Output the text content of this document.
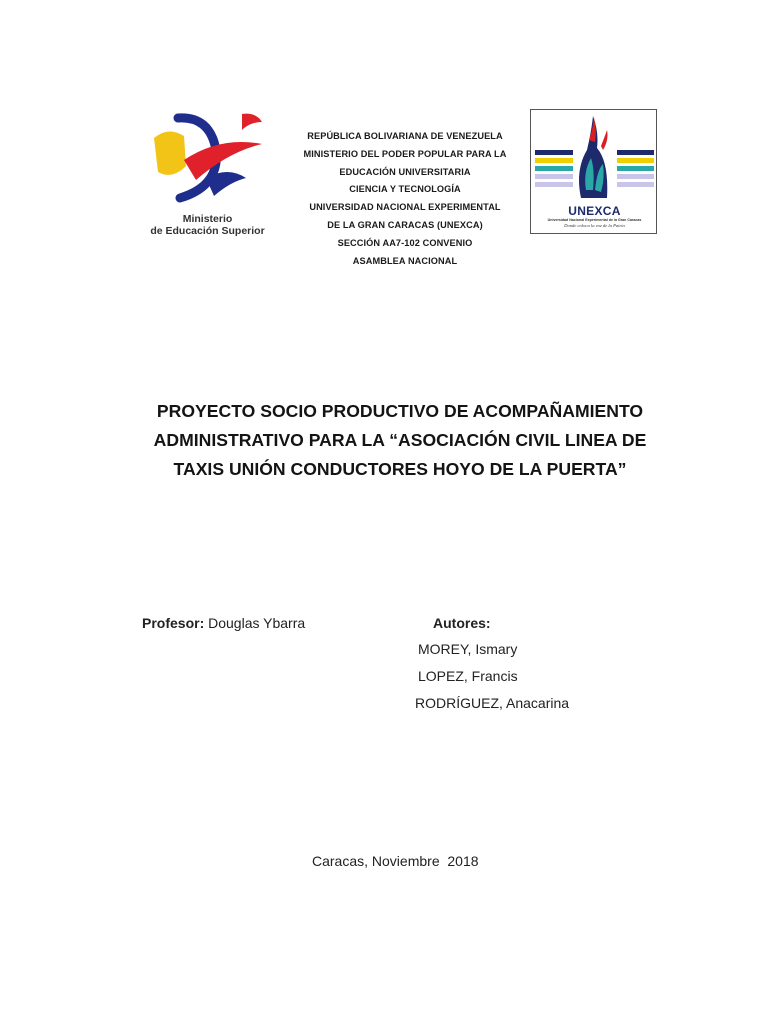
Ministerio
de Educación Superior
REPÚBLICA BOLIVARIANA DE VENEZUELA
MINISTERIO DEL PODER POPULAR PARA LA
EDUCACIÓN UNIVERSITARIA
CIENCIA Y TECNOLOGÍA
UNIVERSIDAD NACIONAL EXPERIMENTAL
DE LA GRAN CARACAS (UNEXCA)
SECCIÓN AA7-102 CONVENIO
ASAMBLEA NACIONAL
UNEXCA
Universidad Nacional Experimental de la Gran Caracas
Donde coloca la voz de la Patria
PROYECTO SOCIO PRODUCTIVO DE ACOMPAÑAMIENTO
ADMINISTRATIVO PARA LA “ASOCIACIÓN CIVIL LINEA DE
TAXIS UNIÓN CONDUCTORES HOYO DE LA PUERTA”
Profesor: Douglas Ybarra	Autores:
MOREY, Ismary
LOPEZ, Francis
RODRÍGUEZ, Anacarina
Caracas, Noviembre  2018
